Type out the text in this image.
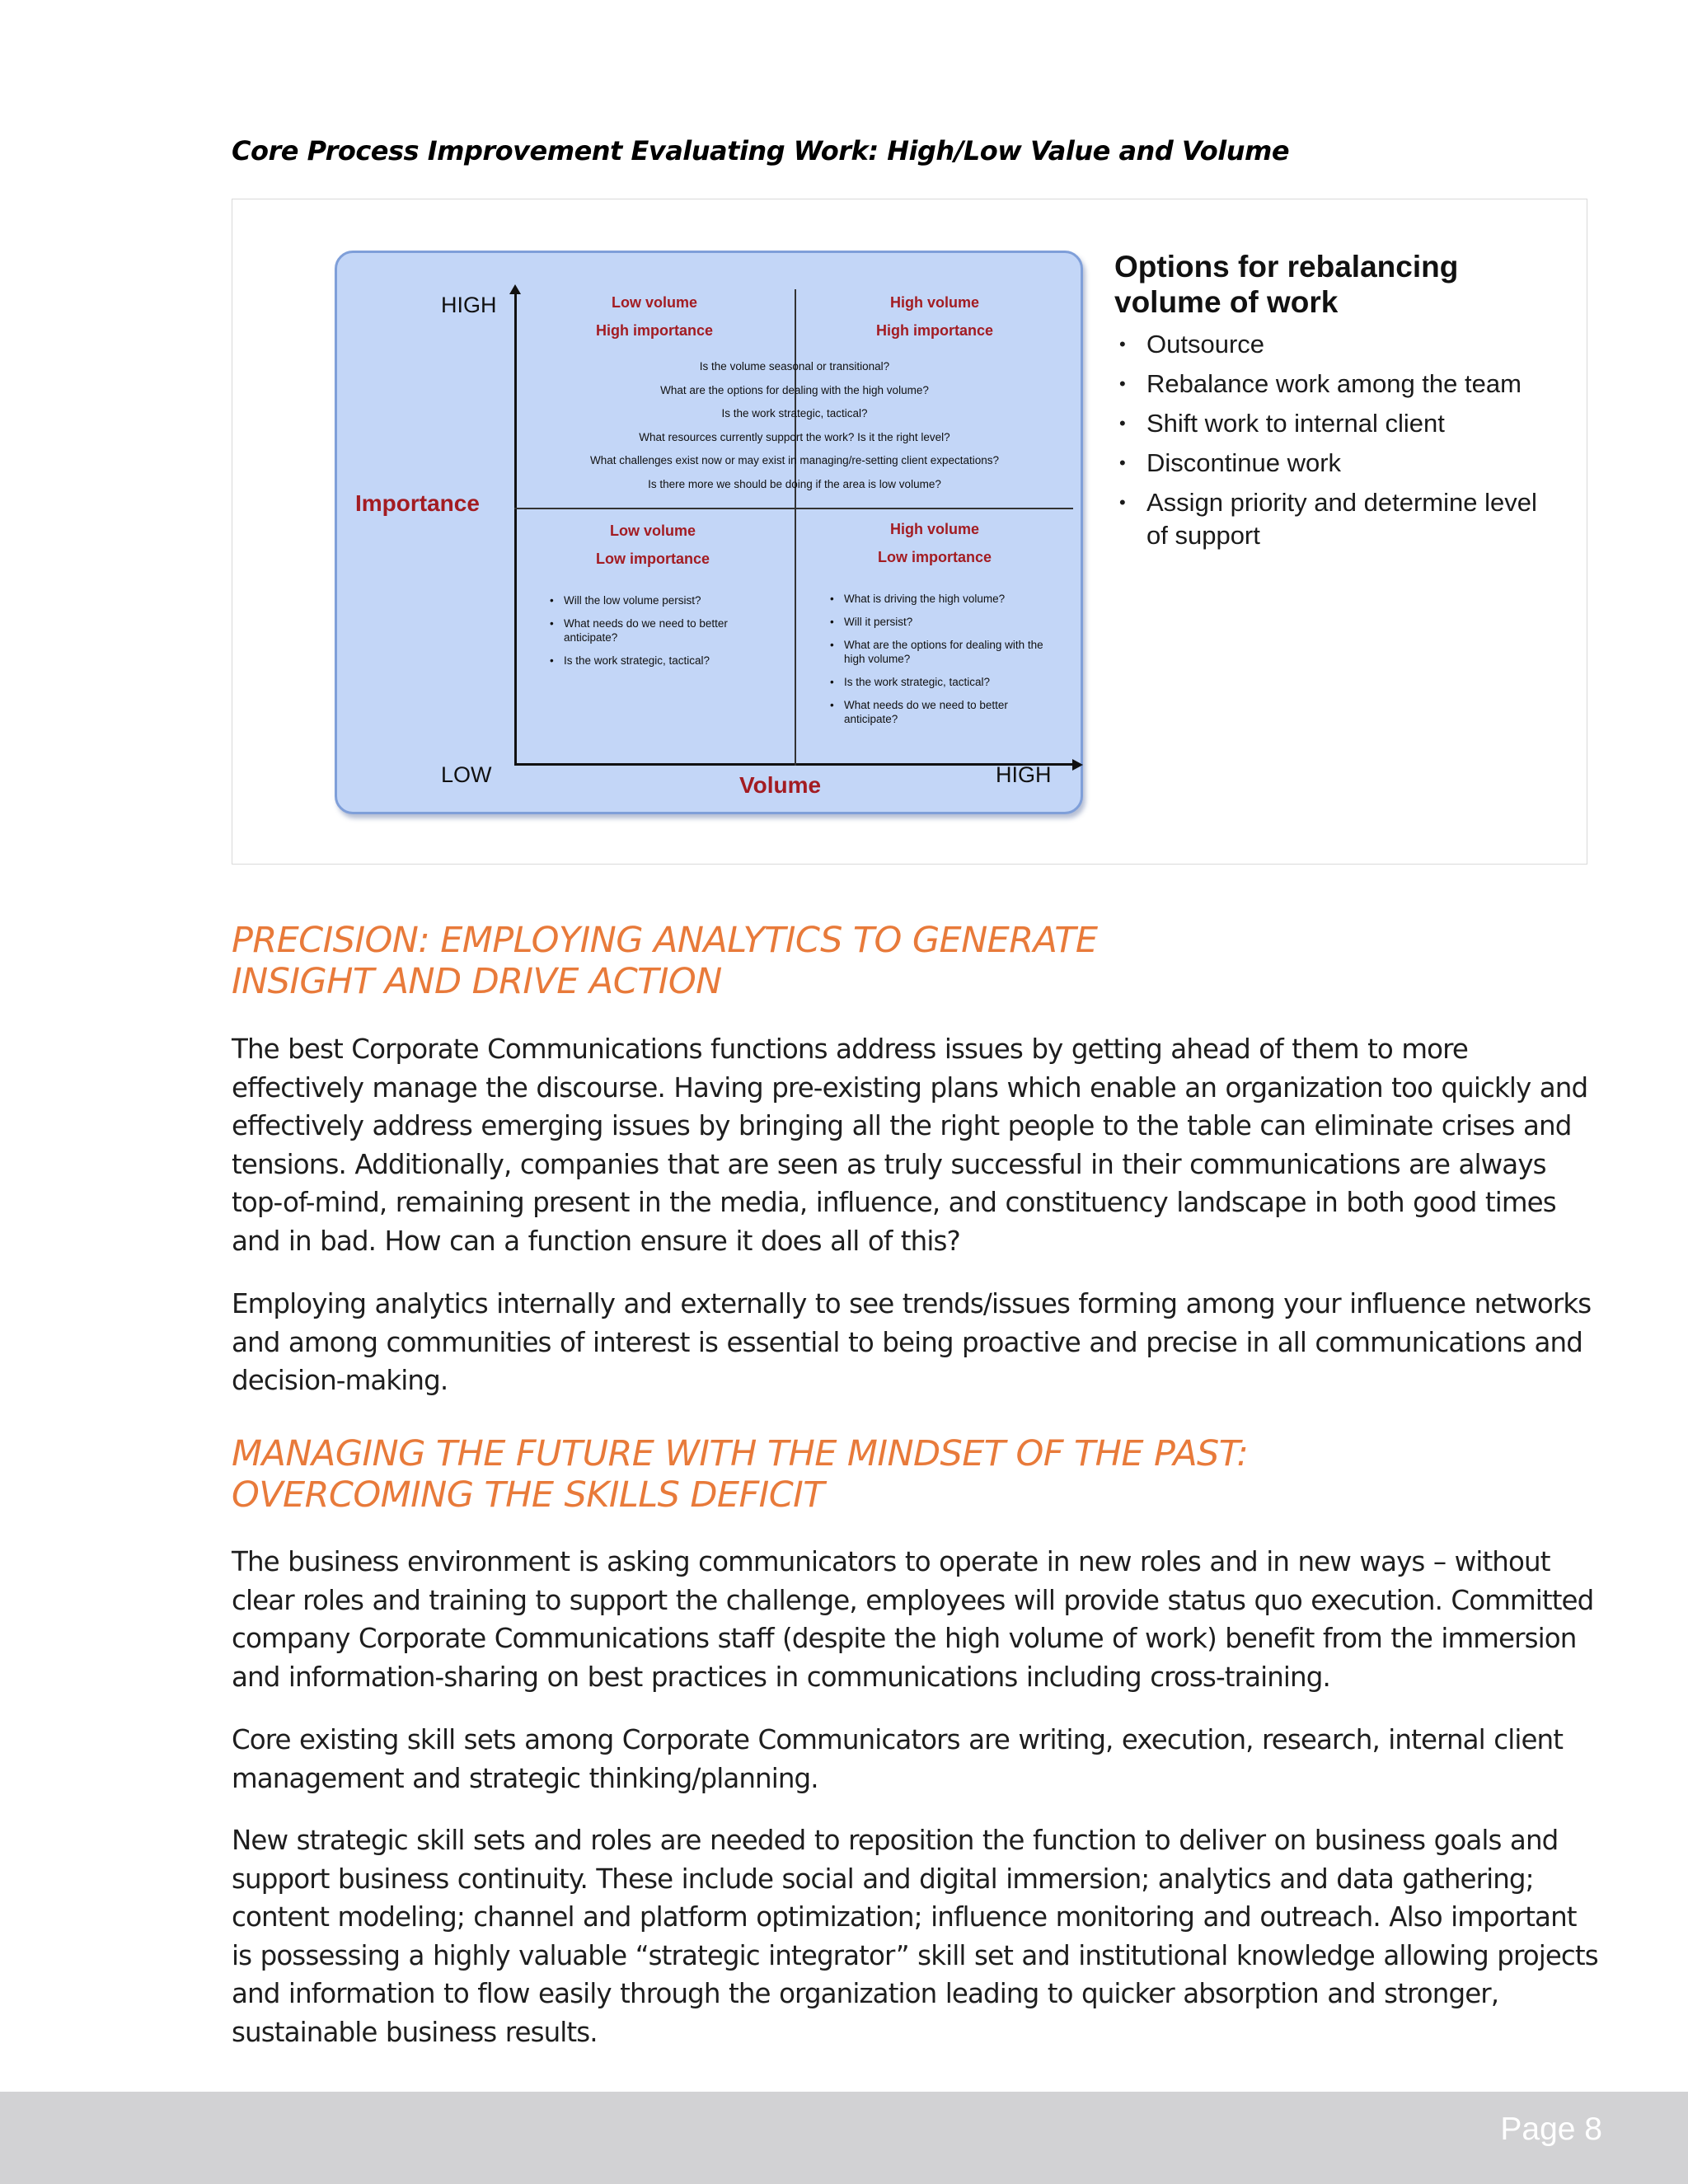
Core Process Improvement Evaluating Work: High/Low Value and Volume
HIGH
LOW	HIGH
Importance
Volume
Low volume
High importance
High volume
High importance
Low volume
Low importance
High volume
Low importance
Is the volume seasonal or transitional?
What are the options for dealing with the high volume?
Is the work strategic, tactical?
What resources currently support the work? Is it the right level?
What challenges exist now or may exist in managing/re-setting client expectations?
Is there more we should be doing if the area is low volume?
• Will the low volume persist?
• What needs do we need to better anticipate?
• Is the work strategic, tactical?
• What is driving the high volume?
• Will it persist?
• What are the options for dealing with the high volume?
• Is the work strategic, tactical?
• What needs do we need to better anticipate?
Options for rebalancing volume of work
• Outsource
• Rebalance work among the team
• Shift work to internal client
• Discontinue work
• Assign priority and determine level of support
PRECISION: EMPLOYING ANALYTICS TO GENERATE
INSIGHT AND DRIVE ACTION

The best Corporate Communications functions address issues by getting ahead of them to more effectively manage the discourse. Having pre-existing plans which enable an organization too quickly and effectively address emerging issues by bringing all the right people to the table can eliminate crises and tensions. Additionally, companies that are seen as truly successful in their communications are always top-of-mind, remaining present in the media, influence, and constituency landscape in both good times and in bad. How can a function ensure it does all of this?

Employing analytics internally and externally to see trends/issues forming among your influence networks and among communities of interest is essential to being proactive and precise in all communications and decision-making.

MANAGING THE FUTURE WITH THE MINDSET OF THE PAST:
OVERCOMING THE SKILLS DEFICIT

The business environment is asking communicators to operate in new roles and in new ways – without clear roles and training to support the challenge, employees will provide status quo execution. Committed company Corporate Communications staff (despite the high volume of work) benefit from the immersion and information-sharing on best practices in communications including cross-training.

Core existing skill sets among Corporate Communicators are writing, execution, research, internal client management and strategic thinking/planning.

New strategic skill sets and roles are needed to reposition the function to deliver on business goals and support business continuity. These include social and digital immersion; analytics and data gathering; content modeling; channel and platform optimization; influence monitoring and outreach. Also important is possessing a highly valuable “strategic integrator” skill set and institutional knowledge allowing projects and information to flow easily through the organization leading to quicker absorption and stronger, sustainable business results.

Page 8
